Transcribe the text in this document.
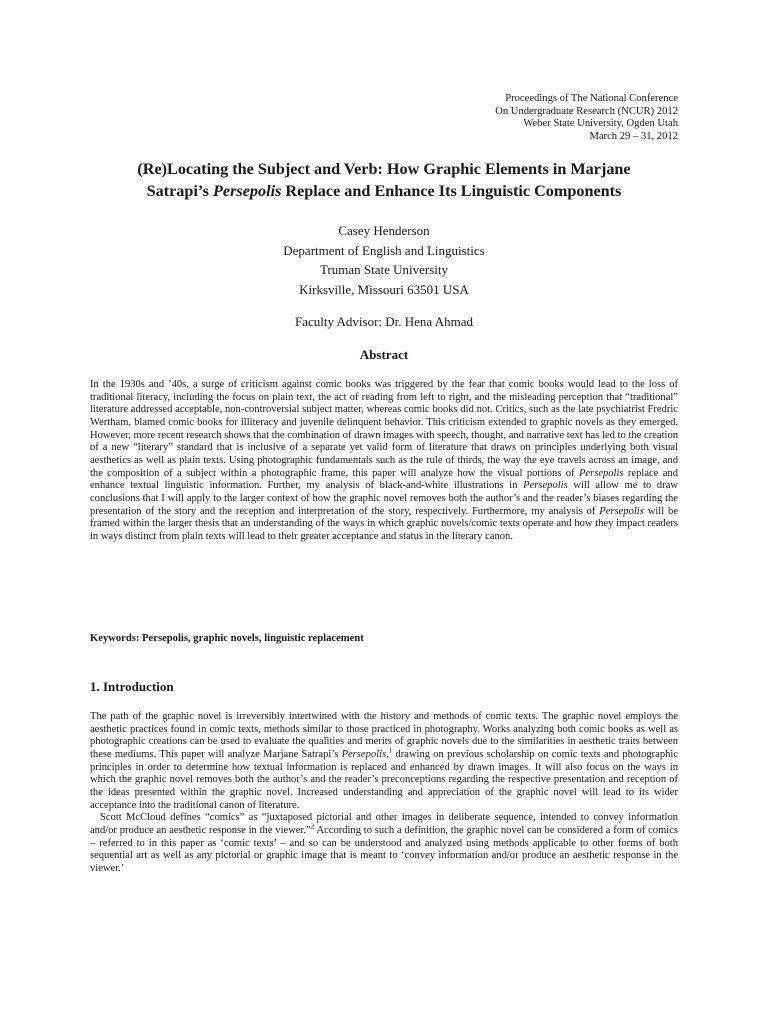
Proceedings of The National Conference
On Undergraduate Research (NCUR) 2012
Weber State University, Ogden Utah
March 29 – 31, 2012
(Re)Locating the Subject and Verb: How Graphic Elements in Marjane
Satrapi’s Persepolis Replace and Enhance Its Linguistic Components
Casey Henderson
Department of English and Linguistics
Truman State University
Kirksville, Missouri 63501 USA
Faculty Advisor: Dr. Hena Ahmad
Abstract
In the 1930s and ’40s, a surge of criticism against comic books was triggered by the fear that comic books would lead to the loss of traditional literacy, including the focus on plain text, the act of reading from left to right, and the misleading perception that “traditional” literature addressed acceptable, non-controversial subject matter, whereas comic books did not. Critics, such as the late psychiatrist Fredric Wertham, blamed comic books for illiteracy and juvenile delinquent behavior. This criticism extended to graphic novels as they emerged. However, more recent research shows that the combination of drawn images with speech, thought, and narrative text has led to the creation of a new “literary” standard that is inclusive of a separate yet valid form of literature that draws on principles underlying both visual aesthetics as well as plain texts. Using photographic fundamentals such as the rule of thirds, the way the eye travels across an image, and the composition of a subject within a photographic frame, this paper will analyze how the visual portions of Persepolis replace and enhance textual linguistic information. Further, my analysis of black-and-white illustrations in Persepolis will allow me to draw conclusions that I will apply to the larger context of how the graphic novel removes both the author’s and the reader’s biases regarding the presentation of the story and the reception and interpretation of the story, respectively. Furthermore, my analysis of Persepolis will be framed within the larger thesis that an understanding of the ways in which graphic novels/comic texts operate and how they impact readers in ways distinct from plain texts will lead to their greater acceptance and status in the literary canon.
Keywords: Persepolis, graphic novels, linguistic replacement
1. Introduction

The path of the graphic novel is irreversibly intertwined with the history and methods of comic texts. The graphic novel employs the aesthetic practices found in comic texts, methods similar to those practiced in photography. Works analyzing both comic books as well as photographic creations can be used to evaluate the qualities and merits of graphic novels due to the similarities in aesthetic traits between these mediums. This paper will analyze Marjane Satrapi’s Persepolis,$^1$ drawing on previous scholarship on comic texts and photographic principles in order to determine how textual information is replaced and enhanced by drawn images. It will also focus on the ways in which the graphic novel removes both the author’s and the reader’s preconceptions regarding the respective presentation and reception of the ideas presented within the graphic novel. Increased understanding and appreciation of the graphic novel will lead to its wider acceptance into the traditional canon of literature.

Scott McCloud defines “comics” as “juxtaposed pictorial and other images in deliberate sequence, intended to convey information and/or produce an aesthetic response in the viewer.”$^2$ According to such a definition, the graphic novel can be considered a form of comics – referred to in this paper as ‘comic texts’ – and so can be understood and analyzed using methods applicable to other forms of both sequential art as well as any pictorial or graphic image that is meant to ‘convey information and/or produce an aesthetic response in the viewer.’
